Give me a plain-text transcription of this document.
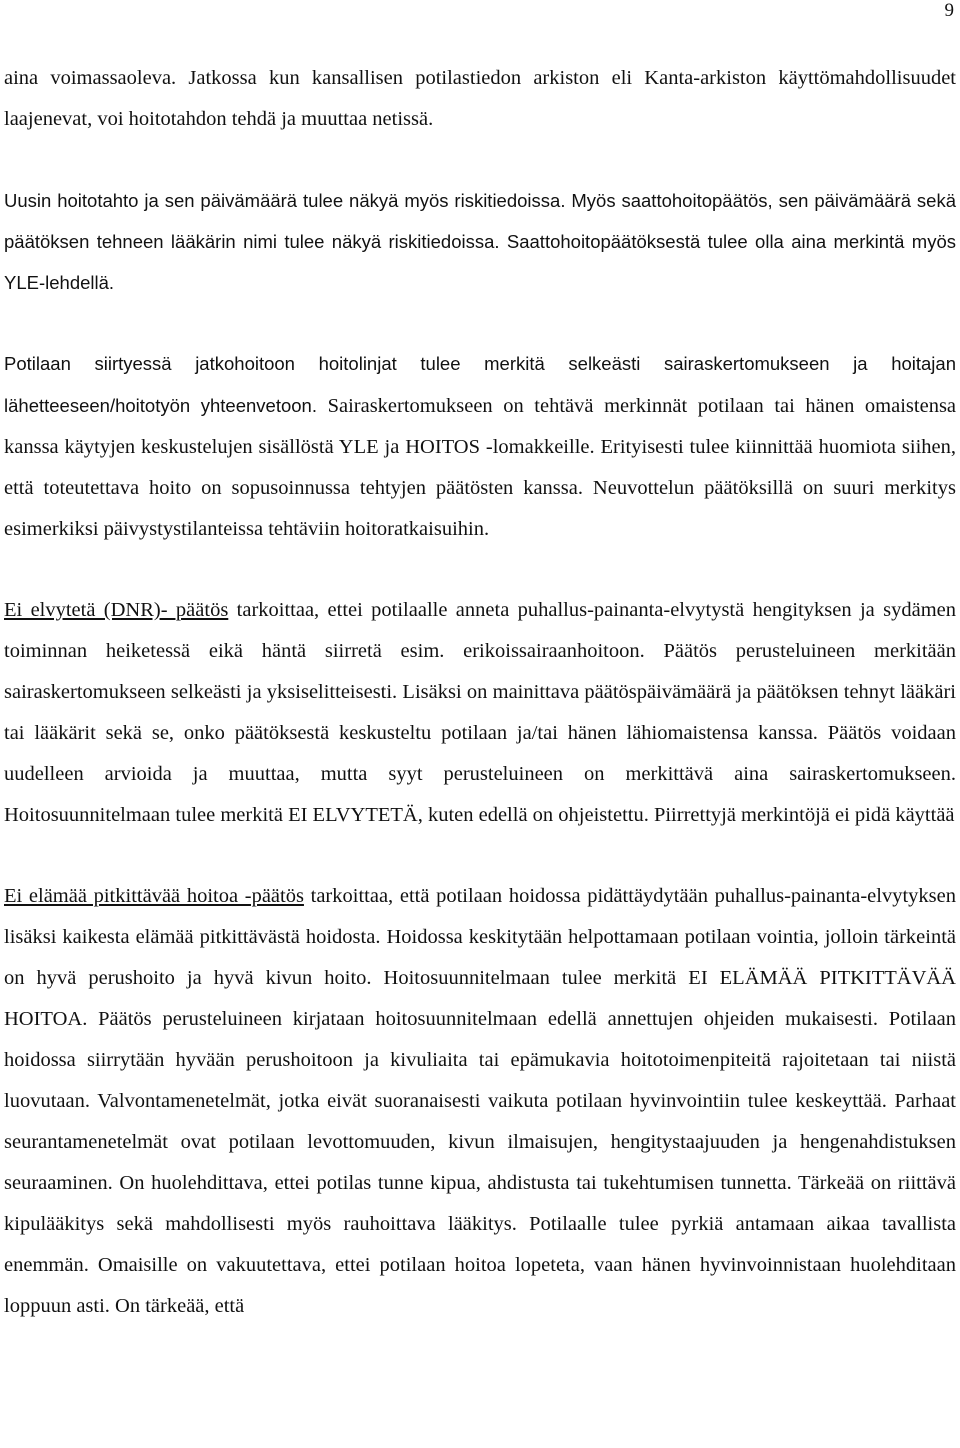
9

aina voimassaoleva. Jatkossa kun kansallisen potilastiedon arkiston eli Kanta-arkiston käyttömahdollisuudet laajenevat, voi hoitotahdon tehdä ja muuttaa netissä.

Uusin hoitotahto ja sen päivämäärä tulee näkyä myös riskitiedoissa. Myös saattohoitopäätös, sen päivämäärä sekä päätöksen tehneen lääkärin nimi tulee näkyä riskitiedoissa. Saattohoitopäätöksestä tulee olla aina merkintä myös YLE-lehdellä.

Potilaan siirtyessä jatkohoitoon hoitolinjat tulee merkitä selkeästi sairaskertomukseen ja hoitajan lähetteeseen/hoitotyön yhteenvetoon. Sairaskertomukseen on tehtävä merkinnät potilaan tai hänen omaistensa kanssa käytyjen keskustelujen sisällöstä YLE ja HOITOS -lomakkeille. Erityisesti tulee kiinnittää huomiota siihen, että toteutettava hoito on sopusoinnussa tehtyjen päätösten kanssa. Neuvottelun päätöksillä on suuri merkitys esimerkiksi päivystystilanteissa tehtäviin hoitoratkaisuihin.

Ei elvytetä (DNR)- päätös tarkoittaa, ettei potilaalle anneta puhallus-painanta-elvytystä hengityksen ja sydämen toiminnan heiketessä eikä häntä siirretä esim. erikoissairaanhoitoon. Päätös perusteluineen merkitään sairaskertomukseen selkeästi ja yksiselitteisesti. Lisäksi on mainittava päätöspäivämäärä ja päätöksen tehnyt lääkäri tai lääkärit sekä se, onko päätöksestä keskusteltu potilaan ja/tai hänen lähiomaistensa kanssa. Päätös voidaan uudelleen arvioida ja muuttaa, mutta syyt perusteluineen on merkittävä aina sairaskertomukseen. Hoitosuunnitelmaan tulee merkitä EI ELVYTETÄ, kuten edellä on ohjeistettu. Piirrettyjä merkintöjä ei pidä käyttää

Ei elämää pitkittävää hoitoa -päätös tarkoittaa, että potilaan hoidossa pidättäydytään puhallus-painanta-elvytyksen lisäksi kaikesta elämää pitkittävästä hoidosta. Hoidossa keskitytään helpottamaan potilaan vointia, jolloin tärkeintä on hyvä perushoito ja hyvä kivun hoito. Hoitosuunnitelmaan tulee merkitä EI ELÄMÄÄ PITKITTÄVÄÄ HOITOA. Päätös perusteluineen kirjataan hoitosuunnitelmaan edellä annettujen ohjeiden mukaisesti. Potilaan hoidossa siirrytään hyvään perushoitoon ja kivuliaita tai epämukavia hoitotoimenpiteitä rajoitetaan tai niistä luovutaan. Valvontamenetelmät, jotka eivät suoranaisesti vaikuta potilaan hyvinvointiin tulee keskeyttää. Parhaat seurantamenetelmät ovat potilaan levottomuuden, kivun ilmaisujen, hengitystaajuuden ja hengenahdistuksen seuraaminen. On huolehdittava, ettei potilas tunne kipua, ahdistusta tai tukehtumisen tunnetta. Tärkeää on riittävä kipulääkitys sekä mahdollisesti myös rauhoittava lääkitys. Potilaalle tulee pyrkiä antamaan aikaa tavallista enemmän. Omaisille on vakuutettava, ettei potilaan hoitoa lopeteta, vaan hänen hyvinvoinnistaan huolehditaan loppuun asti. On tärkeää, että
